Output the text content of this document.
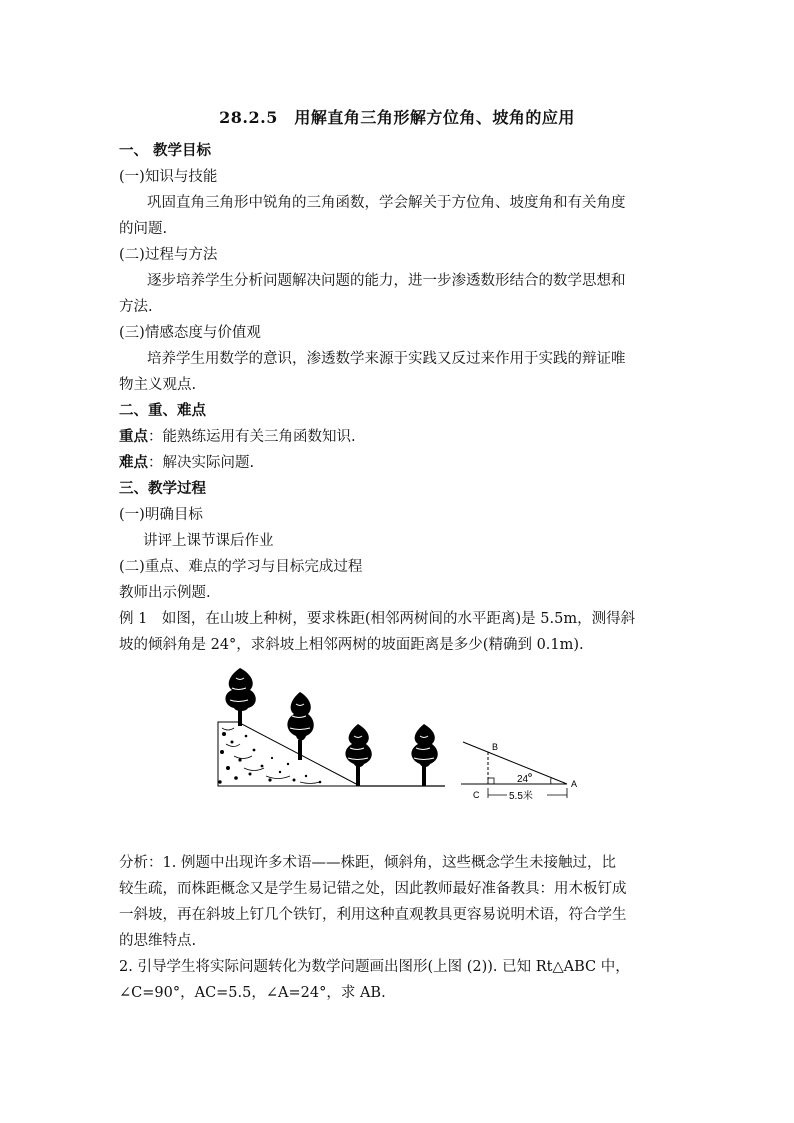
28.2.5　用解直角三角形解方位角、坡角的应用
一、 教学目标
(一)知识与技能
巩固直角三角形中锐角的三角函数，学会解关于方位角、坡度角和有关角度
的问题.
(二)过程与方法
逐步培养学生分析问题解决问题的能力，进一步渗透数形结合的数学思想和
方法.
(三)情感态度与价值观
培养学生用数学的意识，渗透数学来源于实践又反过来作用于实践的辩证唯
物主义观点.
二、重、难点
重点：能熟练运用有关三角函数知识.
难点：解决实际问题.
三、教学过程
(一)明确目标
讲评上课节课后作业
(二)重点、难点的学习与目标完成过程
教师出示例题.
例 1　如图，在山坡上种树，要求株距(相邻两树间的水平距离)是 5.5m，测得斜
坡的倾斜角是 24°，求斜坡上相邻两树的坡面距离是多少(精确到 0.1m).
B
C
A
24
5.5米
分析：1. 例题中出现许多术语——株距，倾斜角，这些概念学生未接触过，比
较生疏，而株距概念又是学生易记错之处，因此教师最好准备教具：用木板钉成
一斜坡，再在斜坡上钉几个铁钉，利用这种直观教具更容易说明术语，符合学生
的思维特点.
2. 引导学生将实际问题转化为数学问题画出图形(上图 (2)). 已知 Rt△ABC 中，
∠C=90°，AC=5.5，∠A=24°，求 AB.
